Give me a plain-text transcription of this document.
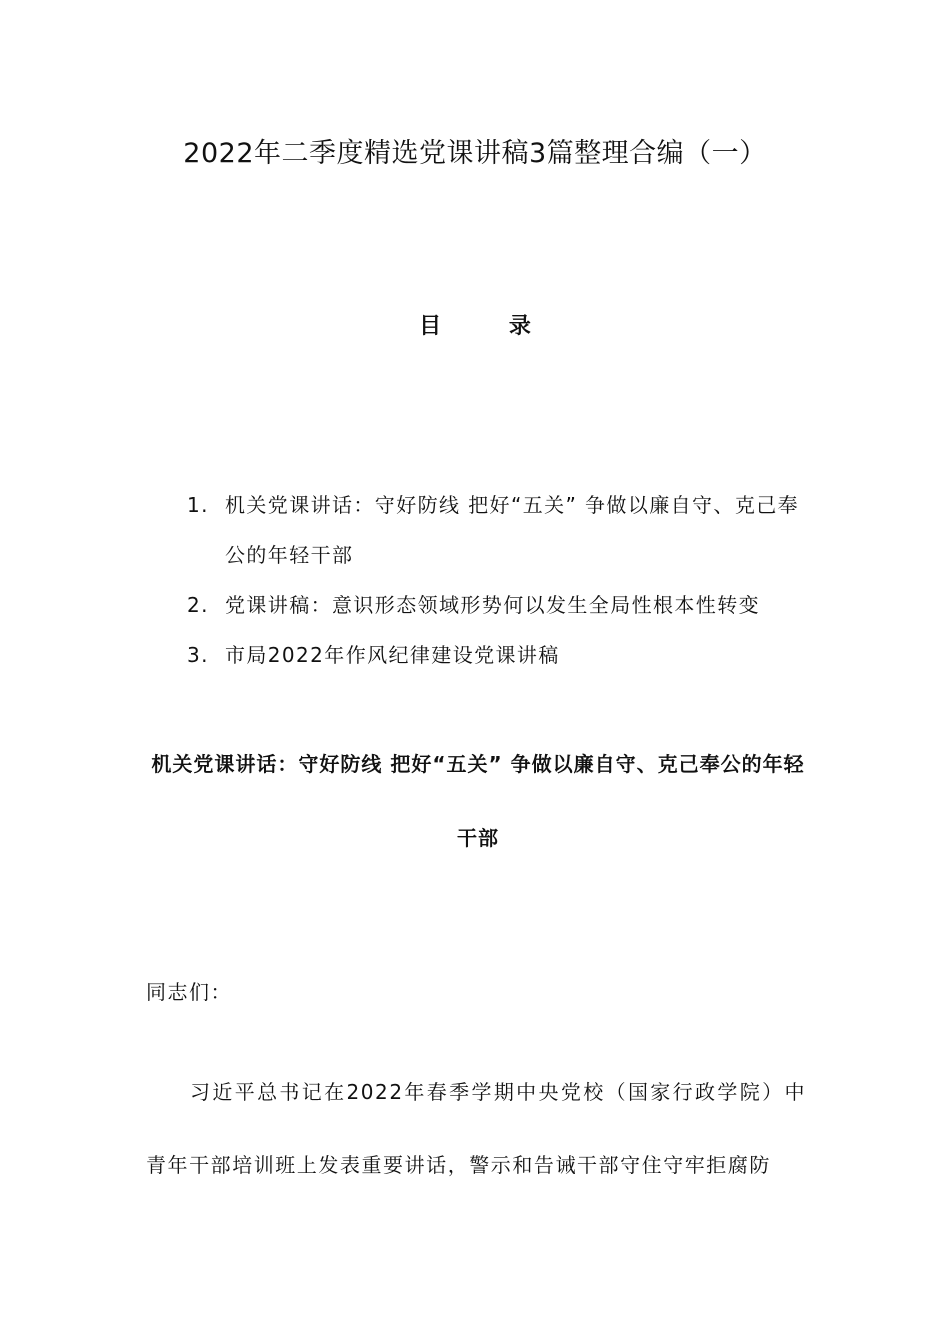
2022年二季度精选党课讲稿3篇整理合编（一）
目 录
1. 机关党课讲话：守好防线 把好“五关” 争做以廉自守、克己奉公的年轻干部
2. 党课讲稿：意识形态领域形势何以发生全局性根本性转变
3. 市局2022年作风纪律建设党课讲稿
机关党课讲话：守好防线 把好“五关” 争做以廉自守、克己奉公的年轻干部

同志们：

习近平总书记在2022年春季学期中央党校（国家行政学院）中青年干部培训班上发表重要讲话，警示和告诫干部守住守牢拒腐防
